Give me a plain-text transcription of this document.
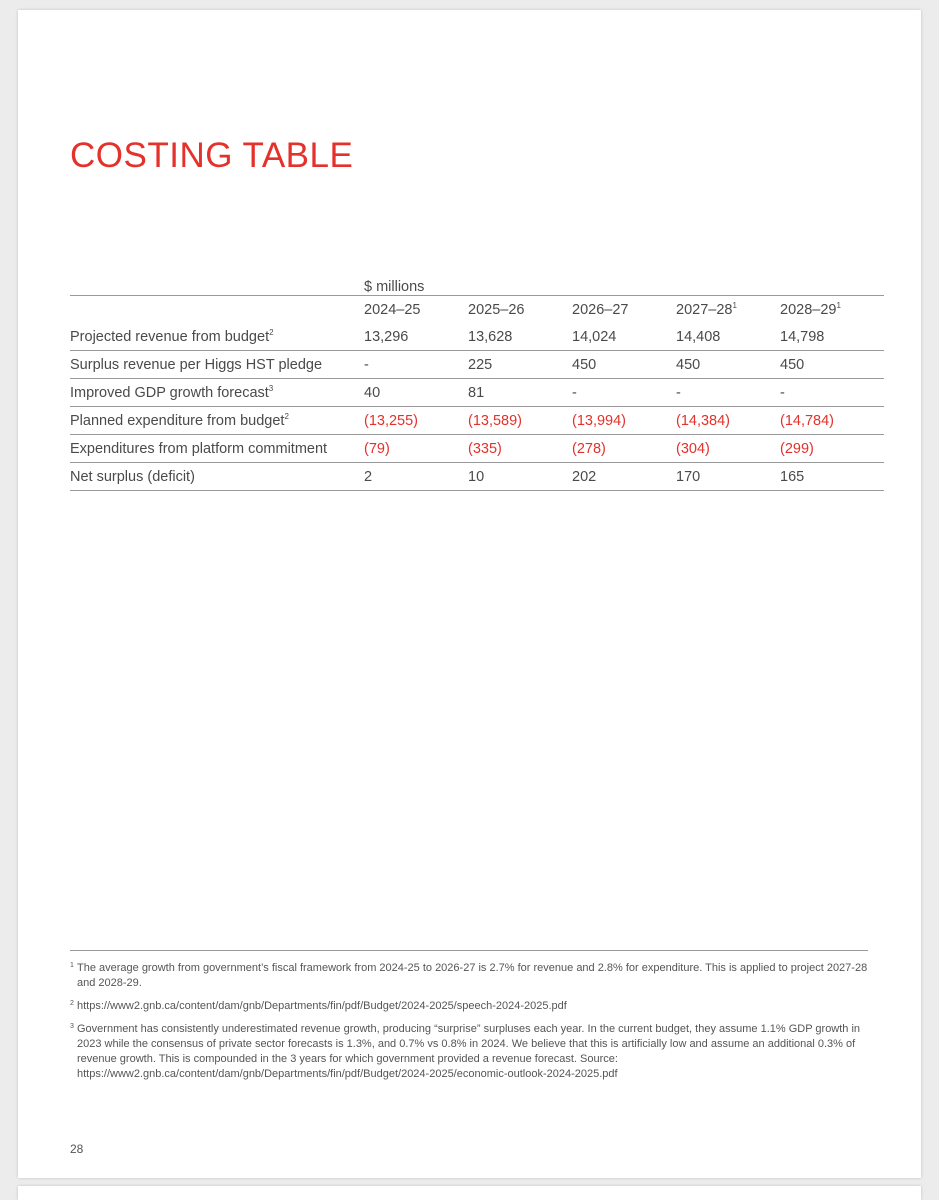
COSTING TABLE
	$ millions				
	2024–25	2025–26	2026–27	$2027-28^1$	$2028-29^1$
Projected revenue from budget$^2$	13,296	13,628	14,024	14,408	14,798
Surplus revenue per Higgs HST pledge	-	225	450	450	450
Improved GDP growth forecast$^3$	40	81	-	-	-
Planned expenditure from budget$^2$	(13,255)	(13,589)	(13,994)	(14,384)	(14,784)
Expenditures from platform commitment	(79)	(335)	(278)	(304)	(299)
Net surplus (deficit)	2	10	202	170	165
1 The average growth from government’s fiscal framework from 2024-25 to 2026-27 is 2.7% for revenue and 2.8% for expenditure. This is applied to project 2027-28 and 2028-29.
2 https://www2.gnb.ca/content/dam/gnb/Departments/fin/pdf/Budget/2024-2025/speech-2024-2025.pdf
3 Government has consistently underestimated revenue growth, producing “surprise” surpluses each year. In the current budget, they assume 1.1% GDP growth in 2023 while the consensus of private sector forecasts is 1.3%, and 0.7% vs 0.8% in 2024. We believe that this is artificially low and assume an additional 0.3% of revenue growth. This is compounded in the 3 years for which government provided a revenue forecast. Source: https://www2.gnb.ca/content/dam/gnb/Departments/fin/pdf/Budget/2024-2025/economic-outlook-2024-2025.pdf
28
